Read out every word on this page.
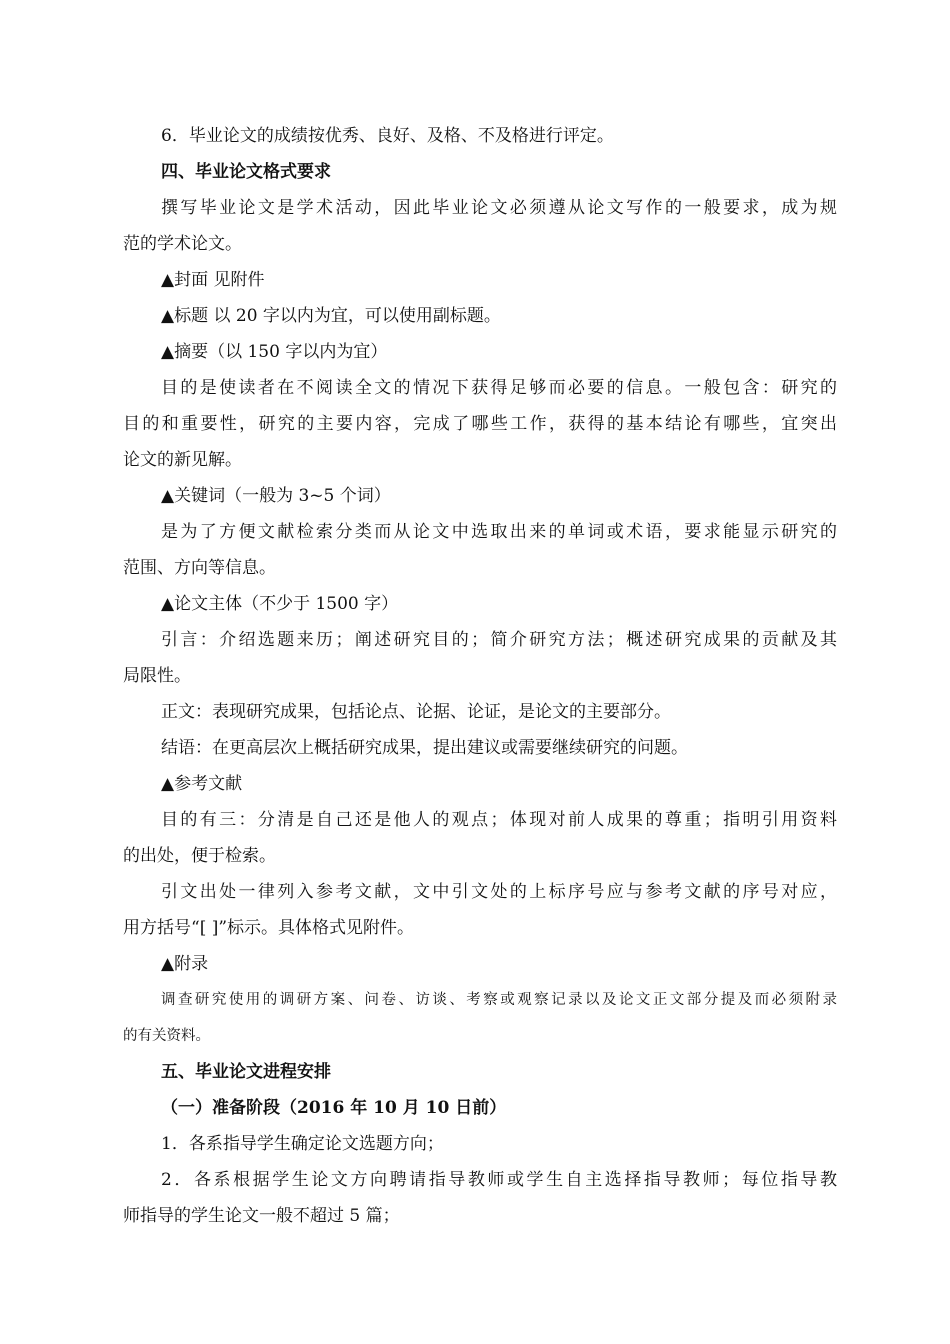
6．毕业论文的成绩按优秀、良好、及格、不及格进行评定。

四、毕业论文格式要求

撰写毕业论文是学术活动，因此毕业论文必须遵从论文写作的一般要求，成为规

范的学术论文。

▲封面 见附件

▲标题 以 20 字以内为宜，可以使用副标题。

▲摘要（以 150 字以内为宜）

目的是使读者在不阅读全文的情况下获得足够而必要的信息。一般包含：研究的

目的和重要性，研究的主要内容，完成了哪些工作，获得的基本结论有哪些，宜突出

论文的新见解。

▲关键词（一般为 3~5 个词）

是为了方便文献检索分类而从论文中选取出来的单词或术语，要求能显示研究的

范围、方向等信息。

▲论文主体（不少于 1500 字）

引言：介绍选题来历；阐述研究目的；简介研究方法；概述研究成果的贡献及其

局限性。

正文：表现研究成果，包括论点、论据、论证，是论文的主要部分。

结语：在更高层次上概括研究成果，提出建议或需要继续研究的问题。

▲参考文献

目的有三：分清是自己还是他人的观点；体现对前人成果的尊重；指明引用资料

的出处，便于检索。

引文出处一律列入参考文献，文中引文处的上标序号应与参考文献的序号对应，

用方括号“[ ]”标示。具体格式见附件。

▲附录

调查研究使用的调研方案、问卷、访谈、考察或观察记录以及论文正文部分提及而必须附录

的有关资料。

五、毕业论文进程安排

（一）准备阶段（2016 年 10 月 10 日前）

1．各系指导学生确定论文选题方向；

2．各系根据学生论文方向聘请指导教师或学生自主选择指导教师；每位指导教

师指导的学生论文一般不超过 5 篇；
